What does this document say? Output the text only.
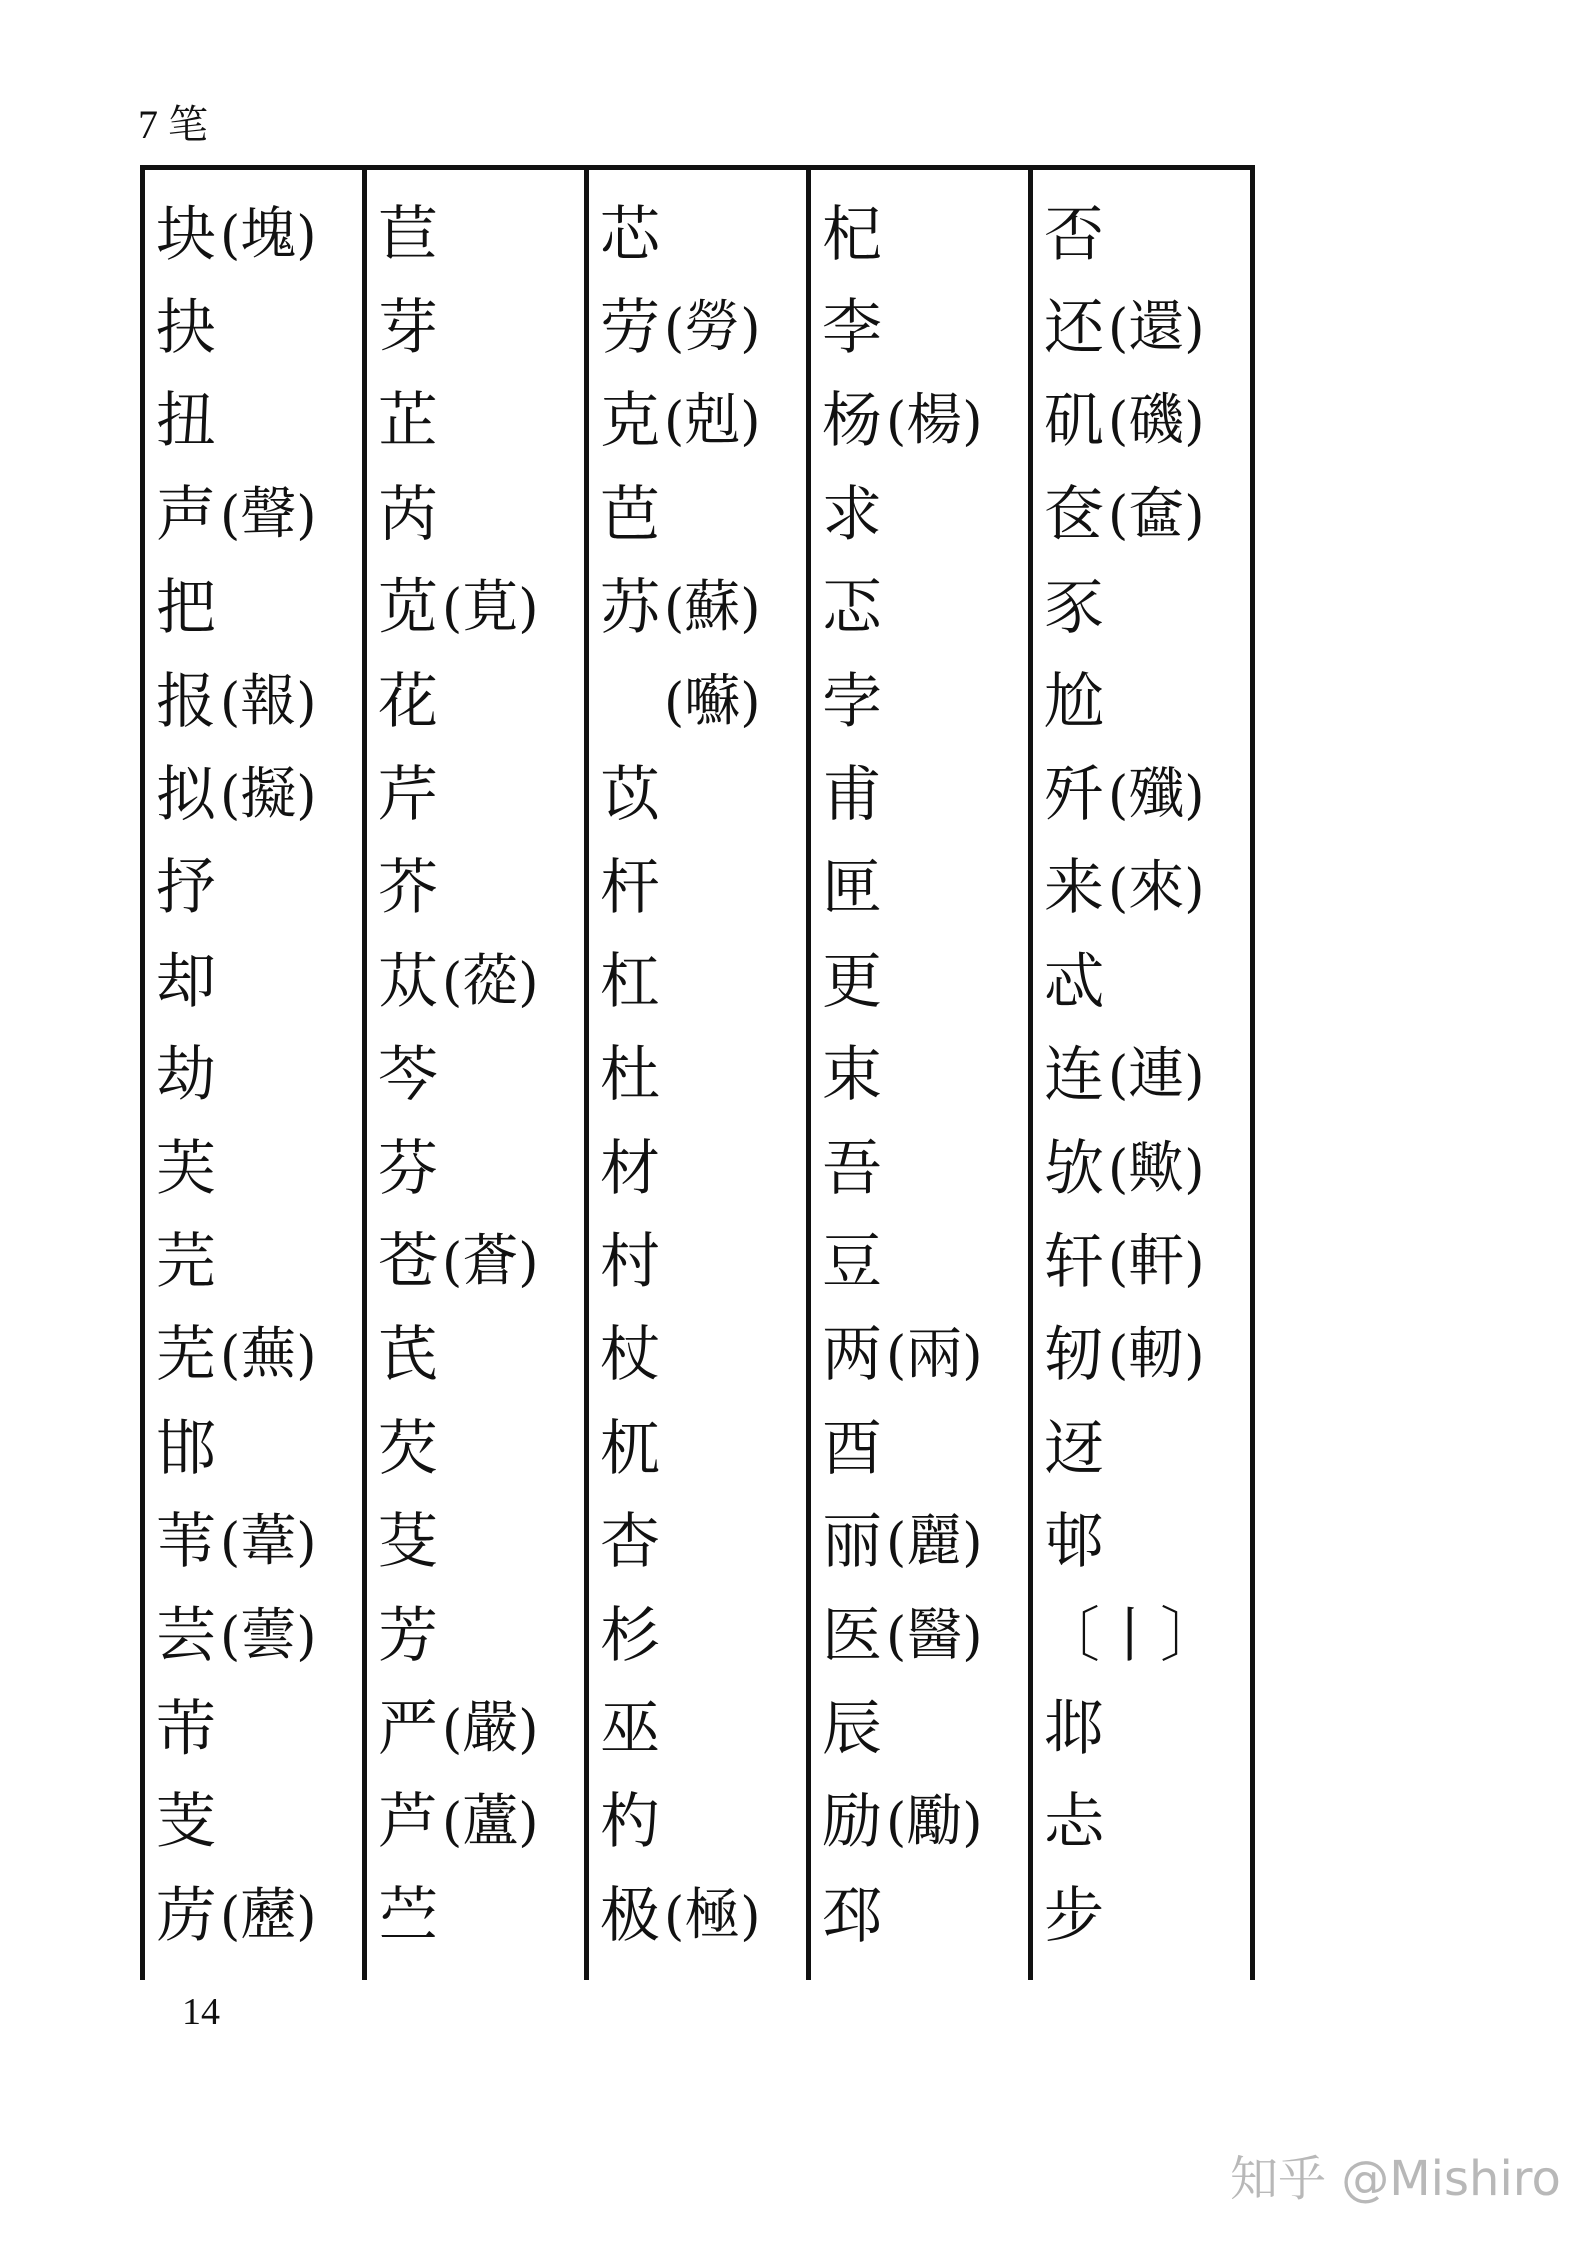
7 笔
块 ( 塊 )
抉
扭
声 ( 聲 )
把
报 ( 報 )
拟 ( 擬 )
抒
却
劫
芙
芫
芜 ( 蕪 )
邯
苇 ( 葦 )
芸 ( 蕓 )
芾
芰
苈 ( 藶 )
苣
芽
芷
芮
苋 ( 莧 )
花
芹
芥
苁 ( 蓯 )
芩
芬
苍 ( 蒼 )
芪
芡
芟
芳
严 ( 嚴 )
芦 ( 蘆 )
苎
芯
劳 ( 勞 )
克 ( 剋 )
芭
苏 ( 蘇 )
( 囌 )
苡
杆
杠
杜
材
村
杖
杌
杏
杉
巫
杓
极 ( 極 )
杞
李
杨 ( 楊 )
求
忑
孛
甫
匣
更
束
吾
豆
两 ( 兩 )
酉
丽 ( 麗 )
医 ( 醫 )
辰
励 ( 勵 )
邳
否
还 ( 還 )
矶 ( 磯 )
奁 ( 奩 )
豕
尬
歼 ( 殲 )
来 ( 來 )
忒
连 ( 連 )
欤 ( 歟 )
轩 ( 軒 )
轫 ( 軔 )
迓
邨
〔丨〕
邶
忐
步
14
知乎 @Mishiro
